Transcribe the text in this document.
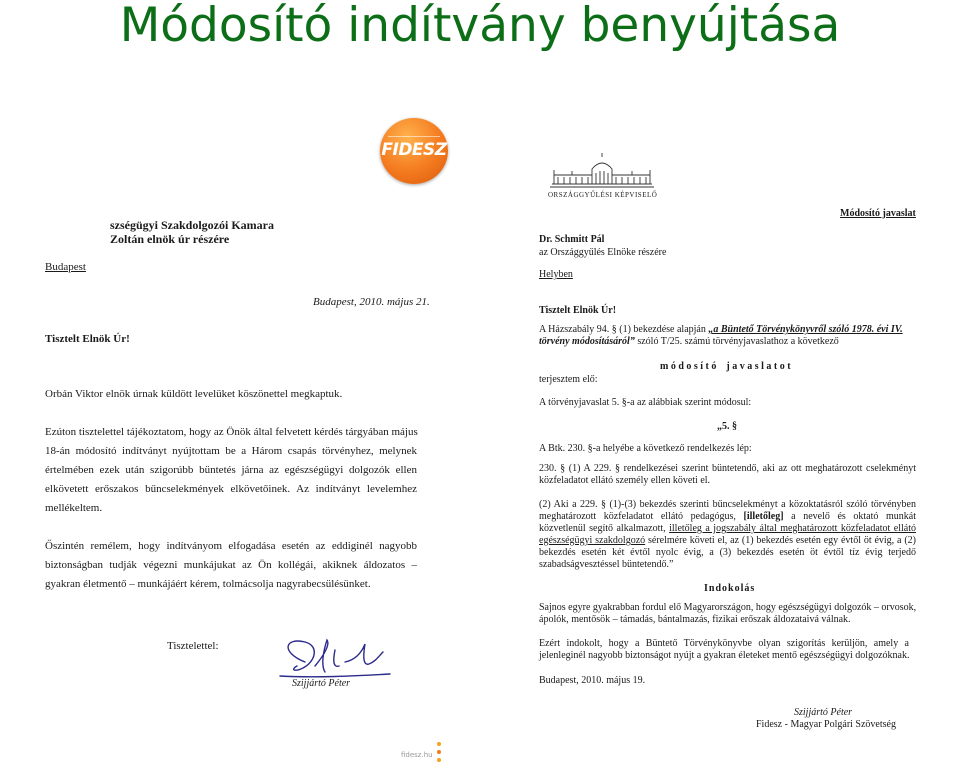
Módosító indítvány benyújtása
FIDESZ
szségügyi Szakdolgozói Kamara
Zoltán elnök úr részére
Budapest
Budapest, 2010. május 21.
Tisztelt Elnök Úr!
Orbán Viktor elnök úrnak küldött levelüket köszönettel megkaptuk.
Ezúton tisztelettel tájékoztatom, hogy az Önök által felvetett kérdés tárgyában május
18-án módosító indítványt nyújtottam be a Három csapás törvényhez, melynek
értelmében ezek után szigorúbb büntetés járna az egészségügyi dolgozók ellen
elkövetett erőszakos bűncselekmények elkövetőinek. Az indítványt levelemhez
mellékeltem.
Őszintén remélem, hogy indítványom elfogadása esetén az eddiginél nagyobb
biztonságban tudják végezni munkájukat az Ön kollégái, akiknek áldozatos –
gyakran életmentő – munkájáért kérem, tolmácsolja nagyrabecsülésünket.
Tisztelettel:
Szijjártó Péter
ORSZÁGGYŰLÉSI KÉPVISELŐ
Módosító javaslat
Dr. Schmitt Pál
az Országgyűlés Elnöke részére
Helyben
Tisztelt Elnök Úr!
A Házszabály 94. § (1) bekezdése alapján „a Büntető Törvénykönyvről szóló 1978. évi IV.
törvény módosításáról” szóló T/25. számú törvényjavaslathoz a következő
m ó d o s í t ó    j a v a s l a t o t
terjesztem elő:
A törvényjavaslat 5. §-a az alábbiak szerint módosul:
„5. §
A Btk. 230. §-a helyébe a következő rendelkezés lép:
230. § (1) A 229. § rendelkezései szerint büntetendő, aki az ott meghatározott cselekményt
közfeladatot ellátó személy ellen követi el.
(2) Aki a 229. § (1)-(3) bekezdés szerinti bűncselekményt a közoktatásról szóló törvényben
meghatározott közfeladatot ellátó pedagógus, [illetőleg] a nevelő és oktató munkát
közvetlenül segítő alkalmazott, illetőleg a jogszabály által meghatározott közfeladatot ellátó
egészségügyi szakdolgozó sérelmére követi el, az (1) bekezdés esetén egy évtől öt évig, a (2)
bekezdés esetén két évtől nyolc évig, a (3) bekezdés esetén öt évtől tíz évig terjedő
szabadságvesztéssel büntetendő.”
Indokolás
Sajnos egyre gyakrabban fordul elő Magyarországon, hogy egészségügyi dolgozók – orvosok,
ápolók, mentősök – támadás, bántalmazás, fizikai erőszak áldozataivá válnak.
Ezért indokolt, hogy a Büntető Törvénykönyvbe olyan szigorítás kerüljön, amely a
jelenleginél nagyobb biztonságot nyújt a gyakran életeket mentő egészségügyi dolgozóknak.
Budapest, 2010. május 19.
Szijjártó Péter
Fidesz - Magyar Polgári Szövetség
fidesz.hu
